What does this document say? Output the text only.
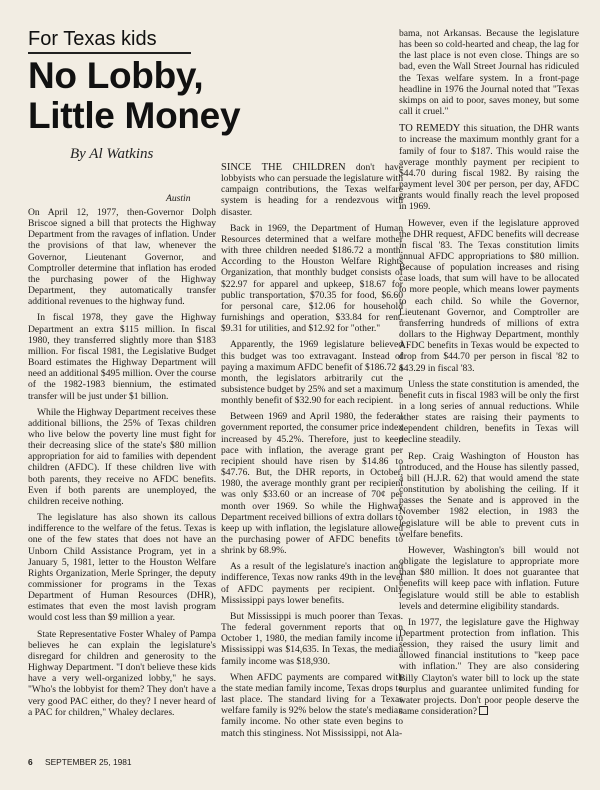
For Texas kids
No Lobby,
Little Money
By Al Watkins
Austin

On April 12, 1977, then-Governor Dolph Briscoe signed a bill that protects the Highway Department from the ravages of inflation. Under the provisions of that law, whenever the Governor, Lieutenant Governor, and Comptroller determine that inflation has eroded the purchasing power of the Highway Department, they automatically transfer additional revenues to the highway fund.

In fiscal 1978, they gave the Highway Department an extra $115 million. In fiscal 1980, they transferred slightly more than $183 million. For fiscal 1981, the Legislative Budget Board estimates the Highway Department will need an additional $495 million. Over the course of the 1982-1983 biennium, the estimated transfer will be just under $1 billion.

While the Highway Department receives these additional billions, the 25% of Texas children who live below the poverty line must fight for their decreasing slice of the state's $80 million appropriation for aid to families with dependent children (AFDC). If these children live with both parents, they receive no AFDC benefits. Even if both parents are unemployed, the children receive nothing.

The legislature has also shown its callous indifference to the welfare of the fetus. Texas is one of the few states that does not have an Unborn Child Assistance Program, yet in a January 5, 1981, letter to the Houston Welfare Rights Organization, Merle Springer, the deputy commissioner for programs in the Texas Department of Human Resources (DHR), estimates that even the most lavish program would cost less than $9 million a year.

State Representative Foster Whaley of Pampa believes he can explain the legislature's disregard for children and generosity to the Highway Department. "I don't believe these kids have a very well-organized lobby," he says. "Who's the lobbyist for them? They don't have a very good PAC either, do they? I never heard of a PAC for children," Whaley declares.

SINCE THE CHILDREN don't have lobbyists who can persuade the legislature with campaign contributions, the Texas welfare system is heading for a rendezvous with disaster.

Back in 1969, the Department of Human Resources determined that a welfare mother with three children needed $186.72 a month. According to the Houston Welfare Rights Organization, that monthly budget consists of $22.97 for apparel and upkeep, $18.67 for public transportation, $70.35 for food, $6.60 for personal care, $12.06 for household furnishings and operation, $33.84 for rent, $9.31 for utilities, and $12.92 for "other."

Apparently, the 1969 legislature believed this budget was too extravagant. Instead of paying a maximum AFDC benefit of $186.72 a month, the legislators arbitrarily cut the subsistence budget by 25% and set a maximum monthly benefit of $32.90 for each recipient.

Between 1969 and April 1980, the federal government reported, the consumer price index increased by 45.2%. Therefore, just to keep pace with inflation, the average grant per recipient should have risen by $14.86 to $47.76. But, the DHR reports, in October, 1980, the average monthly grant per recipient was only $33.60 or an increase of 70¢ per month over 1969. So while the Highway Department received billions of extra dollars to keep up with inflation, the legislature allowed the purchasing power of AFDC benefits to shrink by 68.9%.

As a result of the legislature's inaction and indifference, Texas now ranks 49th in the level of AFDC payments per recipient. Only Mississippi pays lower benefits.

But Mississippi is much poorer than Texas. The federal government reports that on October 1, 1980, the median family income in Mississippi was $14,635. In Texas, the median family income was $18,930.

When AFDC payments are compared with the state median family income, Texas drops to last place. The standard living for a Texas welfare family is 92% below the state's median family income. No other state even begins to match this stinginess. Not Mississippi, not Ala-

bama, not Arkansas. Because the legislature has been so cold-hearted and cheap, the lag for the last place is not even close. Things are so bad, even the Wall Street Journal has ridiculed the Texas welfare system. In a front-page headline in 1976 the Journal noted that "Texas skimps on aid to poor, saves money, but some call it cruel."

TO REMEDY this situation, the DHR wants to increase the maximum monthly grant for a family of four to $187. This would raise the average monthly payment per recipient to $44.70 during fiscal 1982. By raising the payment level 30¢ per person, per day, AFDC grants would finally reach the level proposed in 1969.

However, even if the legislature approved the DHR request, AFDC benefits will decrease in fiscal '83. The Texas constitution limits annual AFDC appropriations to $80 million. Because of population increases and rising case loads, that sum will have to be allocated to more people, which means lower payments to each child. So while the Governor, Lieutenant Governor, and Comptroller are transferring hundreds of millions of extra dollars to the Highway Department, monthly AFDC benefits in Texas would be expected to drop from $44.70 per person in fiscal '82 to $43.29 in fiscal '83.

Unless the state constitution is amended, the benefit cuts in fiscal 1983 will be only the first in a long series of annual reductions. While other states are raising their payments to dependent children, benefits in Texas will decline steadily.

Rep. Craig Washington of Houston has introduced, and the House has silently passed, a bill (H.J.R. 62) that would amend the state constitution by abolishing the ceiling. If it passes the Senate and is approved in the November 1982 election, in 1983 the legislature will be able to prevent cuts in welfare benefits.

However, Washington's bill would not obligate the legislature to appropriate more than $80 million. It does not guarantee that benefits will keep pace with inflation. Future legislature would still be able to establish levels and determine eligibility standards.

In 1977, the legislature gave the Highway Department protection from inflation. This session, they raised the usury limit and allowed financial institutions to "keep pace with inflation." They are also considering Billy Clayton's water bill to lock up the state surplus and guarantee unlimited funding for water projects. Don't poor people deserve the same consideration?

6 SEPTEMBER 25, 1981
